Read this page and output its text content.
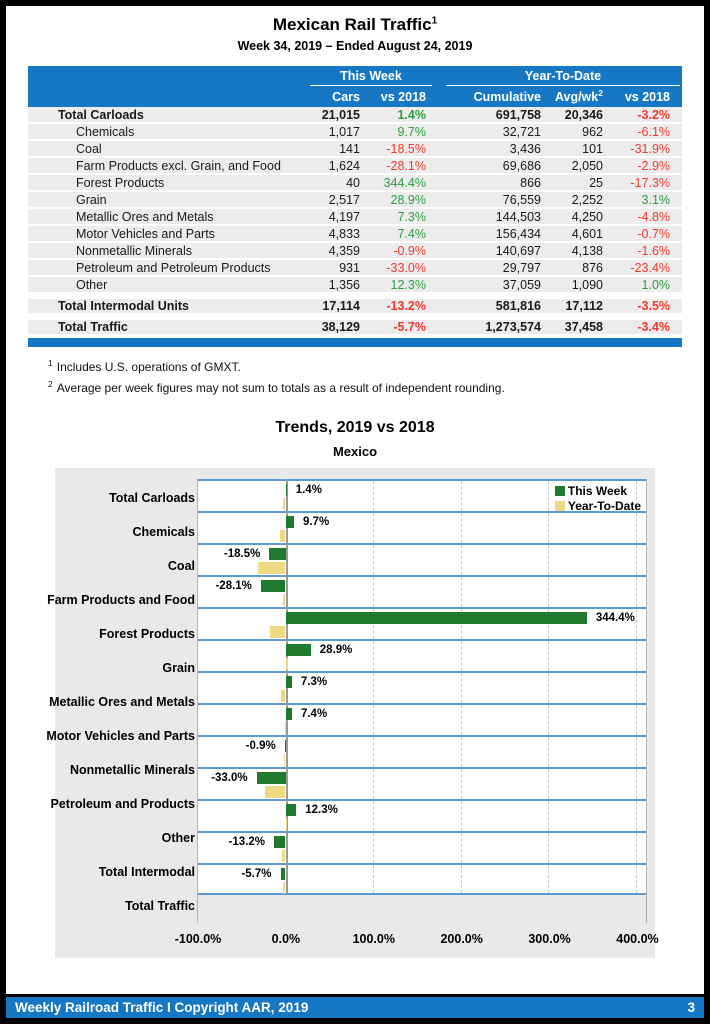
Mexican Rail Traffic$^1$
Week 34, 2019 – Ended August 24, 2019

	This Week			Year-To-Date		

	Cars	vs 2018		Cumulative	Avg/$wk^2$	vs 2018
Total Carloads	21,015	1.4%		691,758	20,346	-3.2%
Chemicals	1,017	9.7%		32,721	962	-6.1%
Coal	141	-18.5%		3,436	101	-31.9%
Farm Products excl. Grain, and Food	1,624	-28.1%		69,686	2,050	-2.9%
Forest Products	40	344.4%		866	25	-17.3%
Grain	2,517	28.9%		76,559	2,252	3.1%
Metallic Ores and Metals	4,197	7.3%		144,503	4,250	-4.8%
Motor Vehicles and Parts	4,833	7.4%		156,434	4,601	-0.7%
Nonmetallic Minerals	4,359	-0.9%		140,697	4,138	-1.6%
Petroleum and Petroleum Products	931	-33.0%		29,797	876	-23.4%
Other	1,356	12.3%		37,059	1,090	1.0%
Total Intermodal Units	17,114	-13.2%		581,816	17,112	-3.5%
Total Traffic	38,129	-5.7%		1,273,574	37,458	-3.4%
$^1$ Includes U.S. operations of GMXT.
$^2$ Average per week figures may not sum to totals as a result of independent rounding.
Trends, 2019 vs 2018
Mexico
Total Carloads
Chemicals
Coal
Farm Products and Food
Forest Products
Grain
Metallic Ores and Metals
Motor Vehicles and Parts
Nonmetallic Minerals
Petroleum and Products
Other
Total Intermodal
Total Traffic
This Week
Year-To-Date
1.4%
9.7%
-18.5%
-28.1%
344.4%
28.9%
7.3%
7.4%
-0.9%
-33.0%
12.3%
-13.2%
-5.7%
-100.0%	0.0%	100.0%	200.0%	300.0%	400.0%
Weekly Railroad Traffic I Copyright AAR, 2019	3
